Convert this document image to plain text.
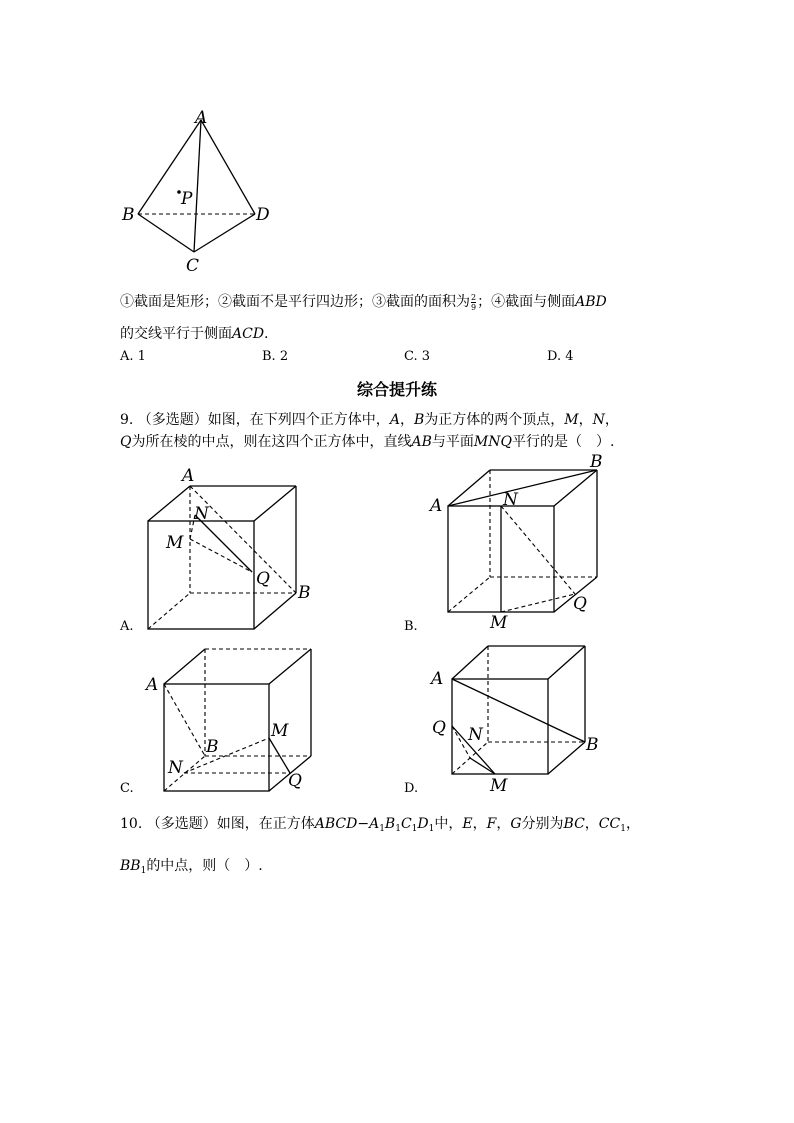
A
B
C
D
P
①截面是矩形；②截面不是平行四边形；③截面的面积为 $\frac{2}{9}$ ；④截面与侧面ABD
的交线平行于侧面ACD.
A. 1	B. 2	C. 3	D. 4
综合提升练
9. （多选题）如图，在下列四个正方体中，A，B为正方体的两个顶点，M，N，
Q为所在棱的中点，则在这四个正方体中，直线AB与平面MNQ平行的是（　）.
A
B
N
M
Q
A.
A
B
N
M
Q
B.
A
B
M
N
Q
C.
A
B
Q N
M
D.
10. （多选题）如图，在正方体$ABCD-A_1B_1C_1D_1$中，E，F，G分别为BC，$CC_1$，
$BB_1$的中点，则（　）.
